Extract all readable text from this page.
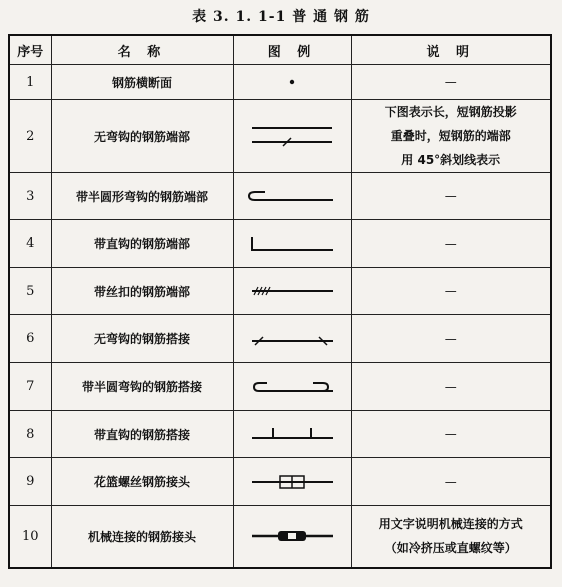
表 3. 1. 1-1 普 通 钢 筋
序号	名 称	图 例	说 明
1	钢筋横断面		—
2	无弯钩的钢筋端部		下图表示长，短钢筋投影
重叠时，短钢筋的端部
用 45°斜划线表示

3	带半圆形弯钩的钢筋端部		—
4	带直钩的钢筋端部		—
5	带丝扣的钢筋端部		—
6	无弯钩的钢筋搭接		—
7	带半圆弯钩的钢筋搭接		—
8	带直钩的钢筋搭接		—
9	花篮螺丝钢筋接头		—
10	机械连接的钢筋接头		用文字说明机械连接的方式
（如冷挤压或直螺纹等）
